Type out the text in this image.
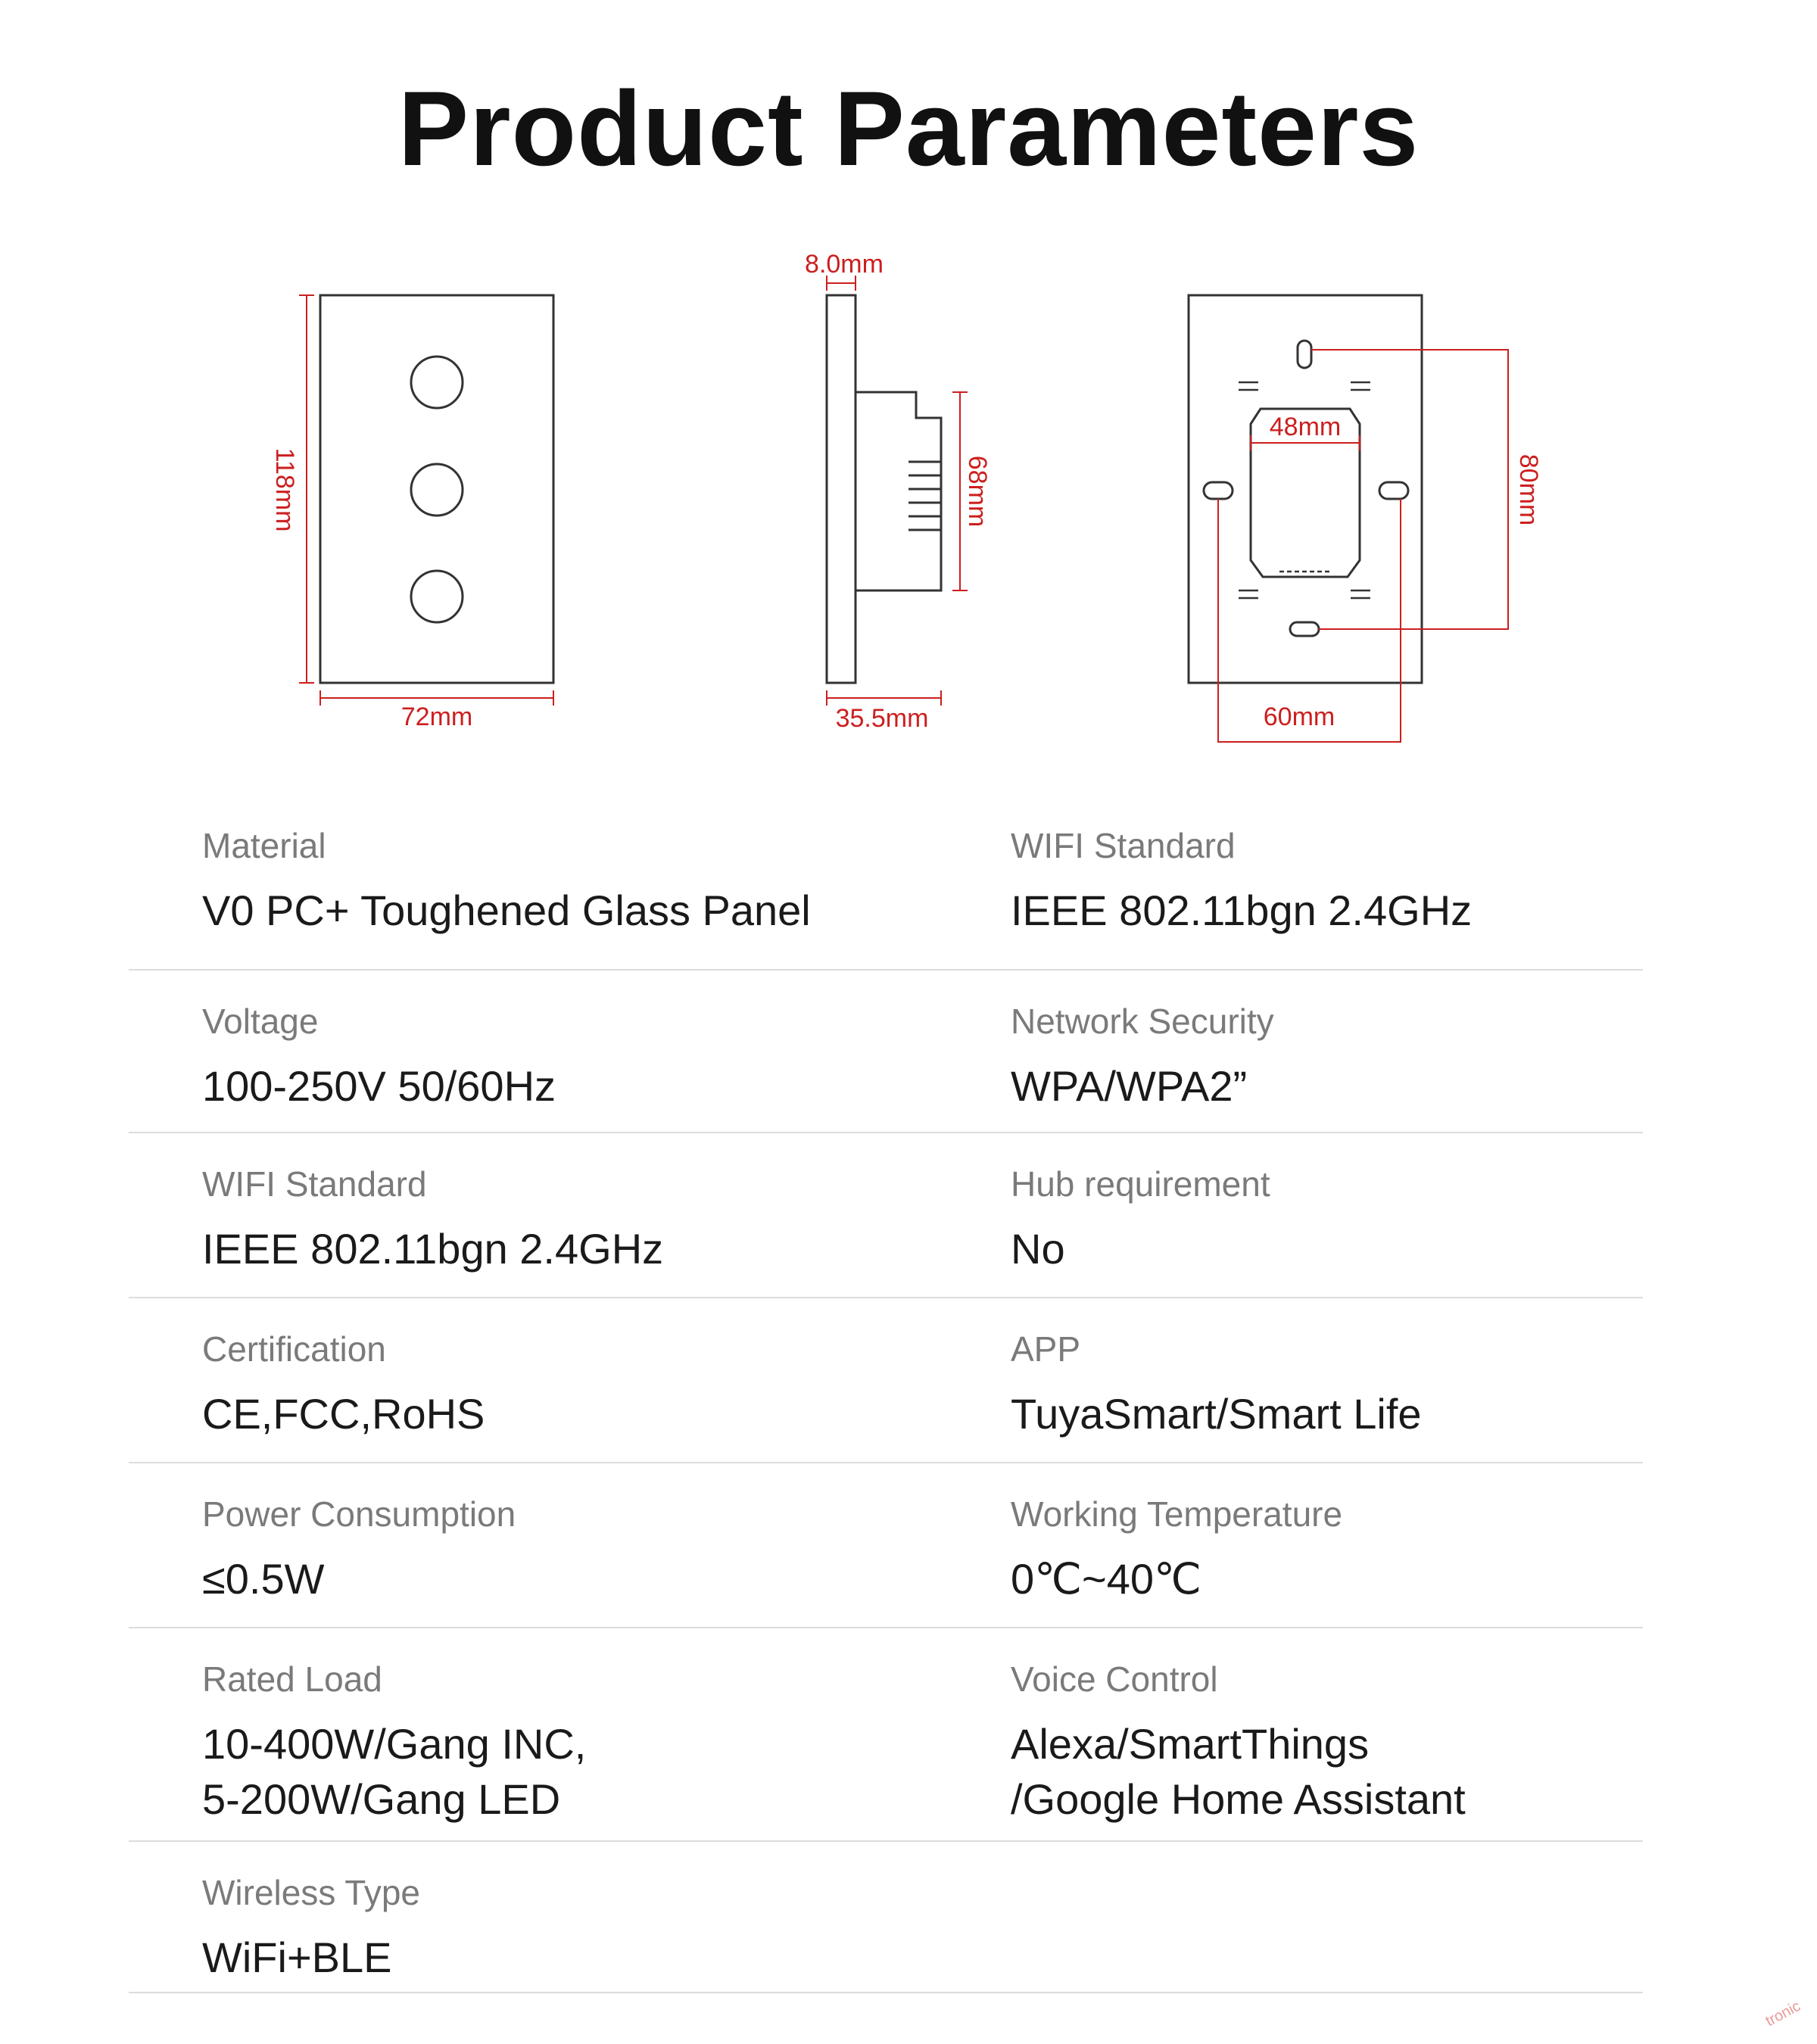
Product Parameters
118mm
72mm
8.0mm
68mm
35.5mm
48mm
80mm
60mm
Material
V0 PC+ Toughened Glass Panel
WIFI Standard
IEEE 802.11bgn 2.4GHz
Voltage
100-250V 50/60Hz
Network Security
WPA/WPA2”
WIFI Standard
IEEE 802.11bgn 2.4GHz
Hub requirement
No
Certification
CE,FCC,RoHS
APP
TuyaSmart/Smart Life
Power Consumption
≤0.5W
Working Temperature
0℃~40℃
Rated Load
10-400W/Gang INC,
5-200W/Gang LED
Voice Control
Alexa/SmartThings
/Google Home Assistant
Wireless Type
WiFi+BLE
tronic
